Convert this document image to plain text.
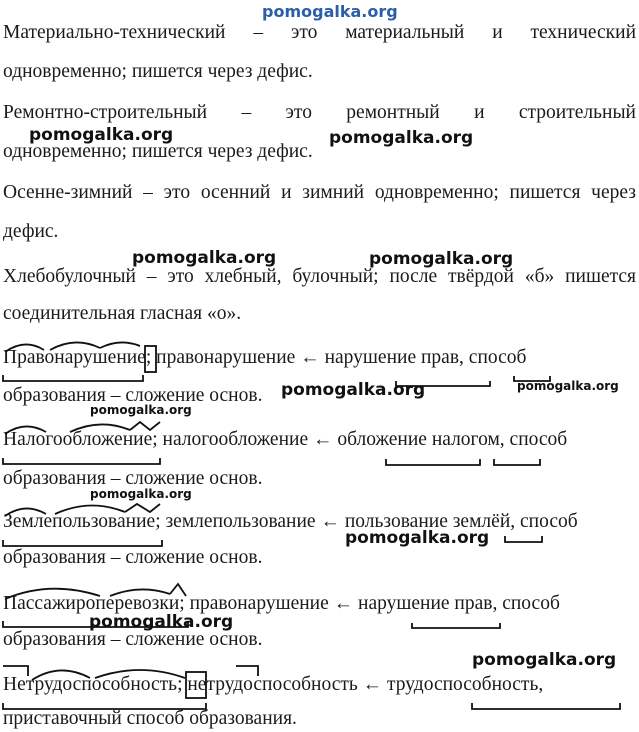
pomogalka.org
Материально-технический – это материальный и технический
одновременно; пишется через дефис.
Ремонтно-строительный – это ремонтный и строительный
одновременно; пишется через дефис.
Осенне-зимний – это осенний и зимний одновременно; пишется через
дефис.
Хлебобулочный – это хлебный, булочный; после твёрдой «б» пишется
соединительная гласная «о».
Правонарушение; правонарушение ← нарушение прав, способ
образования – сложение основ.
Налогообложение; налогообложение ← обложение налогом, способ
образования – сложение основ.
Землепользование; землепользование ← пользование землёй, способ
образования – сложение основ.
Пассажироперевозки; правонарушение ← нарушение прав, способ
образования – сложение основ.
Нетрудоспособность; нетрудоспособность ← трудоспособность,
приставочный способ образования.
pomogalka.org	pomogalka.org
pomogalka.org	pomogalka.org
pomogalka.org	pomogalka.org
pomogalka.org
pomogalka.org
pomogalka.org
pomogalka.org
pomogalka.org
